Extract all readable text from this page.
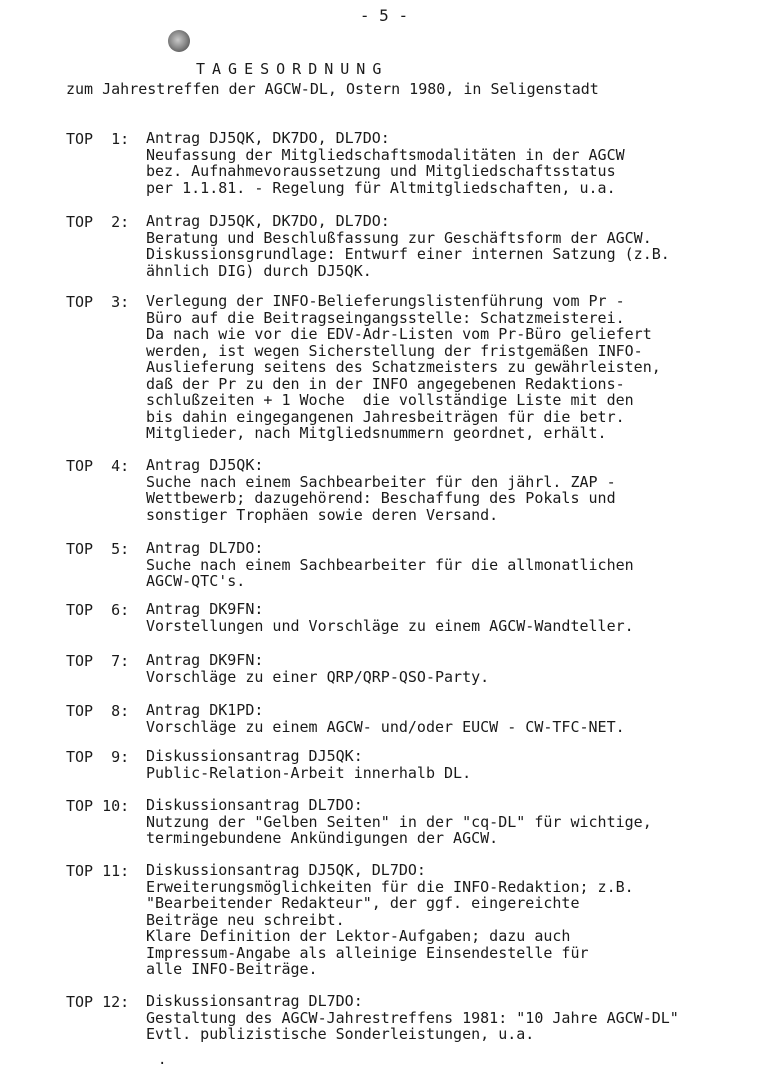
- 5 -
TAGESORDNUNG
zum Jahrestreffen der AGCW-DL, Ostern 1980, in Seligenstadt
TOP  1:	Antrag DJ5QK, DK7DO, DL7DO:
Neufassung der Mitgliedschaftsmodalitäten in der AGCW
bez. Aufnahmevoraussetzung und Mitgliedschaftsstatus
per 1.1.81. - Regelung für Altmitgliedschaften, u.a.
TOP  2:	Antrag DJ5QK, DK7DO, DL7DO:
Beratung und Beschlußfassung zur Geschäftsform der AGCW.
Diskussionsgrundlage: Entwurf einer internen Satzung (z.B.
ähnlich DIG) durch DJ5QK.
TOP  3:	Verlegung der INFO-Belieferungslistenführung vom Pr -
Büro auf die Beitragseingangsstelle: Schatzmeisterei.
Da nach wie vor die EDV-Adr-Listen vom Pr-Büro geliefert
werden, ist wegen Sicherstellung der fristgemäßen INFO-
Auslieferung seitens des Schatzmeisters zu gewährleisten,
daß der Pr zu den in der INFO angegebenen Redaktions-
schlußzeiten + 1 Woche  die vollständige Liste mit den
bis dahin eingegangenen Jahresbeiträgen für die betr.
Mitglieder, nach Mitgliedsnummern geordnet, erhält.
TOP  4:	Antrag DJ5QK:
Suche nach einem Sachbearbeiter für den jährl. ZAP -
Wettbewerb; dazugehörend: Beschaffung des Pokals und
sonstiger Trophäen sowie deren Versand.
TOP  5:	Antrag DL7DO:
Suche nach einem Sachbearbeiter für die allmonatlichen
AGCW-QTC's.
TOP  6:	Antrag DK9FN:
Vorstellungen und Vorschläge zu einem AGCW-Wandteller.
TOP  7:	Antrag DK9FN:
Vorschläge zu einer QRP/QRP-QSO-Party.
TOP  8:	Antrag DK1PD:
Vorschläge zu einem AGCW- und/oder EUCW - CW-TFC-NET.
TOP  9:	Diskussionsantrag DJ5QK:
Public-Relation-Arbeit innerhalb DL.
TOP 10:	Diskussionsantrag DL7DO:
Nutzung der "Gelben Seiten" in der "cq-DL" für wichtige,
termingebundene Ankündigungen der AGCW.
TOP 11:	Diskussionsantrag DJ5QK, DL7DO:
Erweiterungsmöglichkeiten für die INFO-Redaktion; z.B.
"Bearbeitender Redakteur", der ggf. eingereichte
Beiträge neu schreibt.
Klare Definition der Lektor-Aufgaben; dazu auch
Impressum-Angabe als alleinige Einsendestelle für
alle INFO-Beiträge.
TOP 12:	Diskussionsantrag DL7DO:
Gestaltung des AGCW-Jahrestreffens 1981: "10 Jahre AGCW-DL"
Evtl. publizistische Sonderleistungen, u.a.
.
